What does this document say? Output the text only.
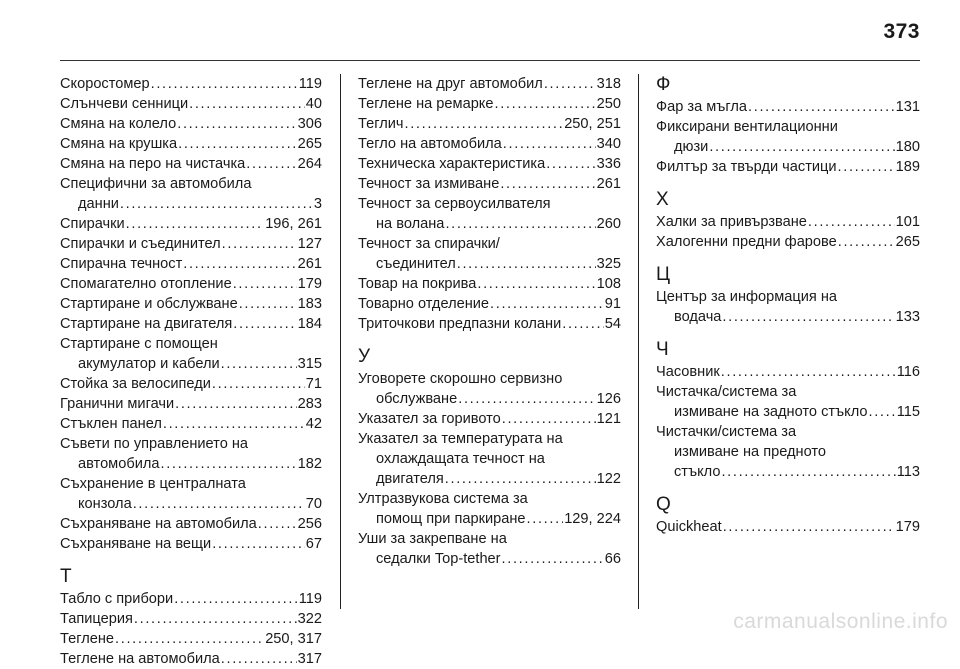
373
Скоростомер . . .	119
Слънчеви сенници . . .	40
Смяна на колело . . .	306
Смяна на крушка . . .	265
Смяна на перо на чистачка . . .	264
Специфични за автомобила
данни . . .	3
Спирачки . . .	196, 261
Спирачки и съединител . . .	127
Спирачна течност . . .	261
Спомагателно отопление . . .	179
Стартиране и обслужване . . .	183
Стартиране на двигателя . . .	184
Стартиране с помощен
акумулатор и кабели . . .	315
Стойка за велосипеди . . .	71
Гранични мигачи . . .	283
Стъклен панел . . .	42
Съвети по управлението на
автомобила . . .	182
Съхранение в централната
конзола . . .	70
Съхраняване на автомобила . . .	256
Съхраняване на вещи . . .	67
Т
Табло с прибори . . .	119
Тапицерия . . .	322
Теглене . . .	250, 317
Теглене на автомобила . . .	317
Теглене на друг автомобил . . .	318
Теглене на ремарке . . .	250
Теглич . . .	250, 251
Тегло на автомобила . . .	340
Техническа характеристика . . .	336
Течност за измиване . . .	261
Течност за сервоусилвателя
на волана . . .	260
Течност за спирачки/
съединител . . .	325
Товар на покрива . . .	108
Товарно отделение . . .	91
Триточкови предпазни колани . . .	54
У
Уговорете скорошно сервизно
обслужване . . .	126
Указател за горивото . . .	121
Указател за температурата на
охлаждащата течност на
двигателя . . .	122
Ултразвукова система за
помощ при паркиране . . .	129, 224
Уши за закрепване на
седалки Top-tether . . .	66
Ф
Фар за мъгла . . .	131
Фиксирани вентилационни
дюзи . . .	180
Филтър за твърди частици . . .	189
Х
Халки за привързване . . .	101
Халогенни предни фарове . . .	265
Ц
Център за информация на
водача . . .	133
Ч
Часовник . . .	116
Чистачка/система за
измиване на задното стъкло . . . 115
Чистачки/система за
измиване на предното
стъкло . . .	113
Q
Quickheat . . .	179
carmanualsonline.info
